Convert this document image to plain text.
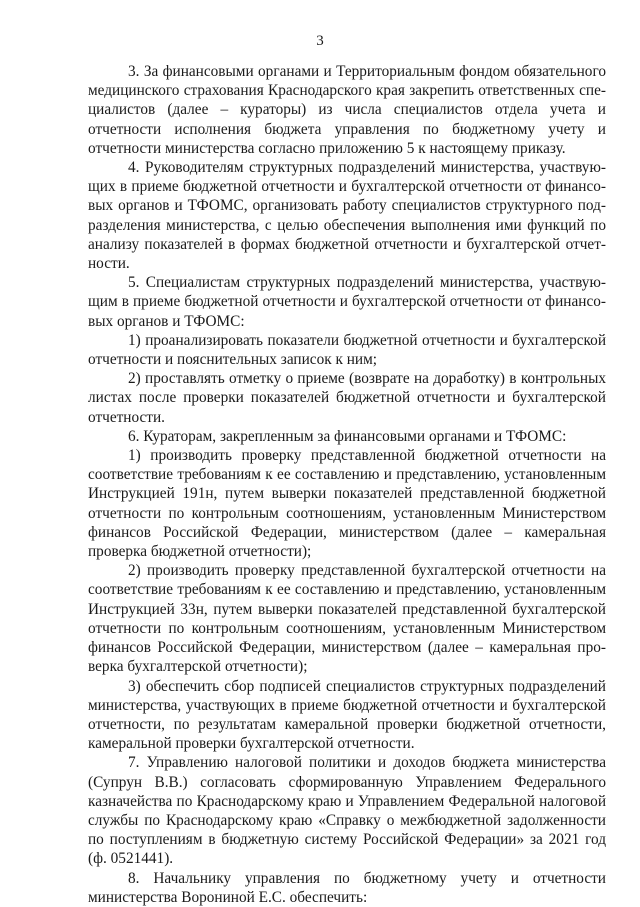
3

3. За финансовыми органами и Территориальным фондом обязательного медицинского страхования Краснодарского края закрепить ответственных специалистов (далее – кураторы) из числа специалистов отдела учета и отчетности исполнения бюджета управления по бюджетному учету и отчетности министерства согласно приложению 5 к настоящему приказу.

4. Руководителям структурных подразделений министерства, участвующих в приеме бюджетной отчетности и бухгалтерской отчетности от финансовых органов и ТФОМС, организовать работу специалистов структурного подразделения министерства, с целью обеспечения выполнения ими функций по анализу показателей в формах бюджетной отчетности и бухгалтерской отчетности.

5. Специалистам структурных подразделений министерства, участвующим в приеме бюджетной отчетности и бухгалтерской отчетности от финансовых органов и ТФОМС:

1) проанализировать показатели бюджетной отчетности и бухгалтерской отчетности и пояснительных записок к ним;

2) проставлять отметку о приеме (возврате на доработку) в контрольных листах после проверки показателей бюджетной отчетности и бухгалтерской отчетности.

6. Кураторам, закрепленным за финансовыми органами и ТФОМС:

1) производить проверку представленной бюджетной отчетности на соответствие требованиям к ее составлению и представлению, установленным Инструкцией 191н, путем выверки показателей представленной бюджетной отчетности по контрольным соотношениям, установленным Министерством финансов Российской Федерации, министерством (далее – камеральная проверка бюджетной отчетности);

2) производить проверку представленной бухгалтерской отчетности на соответствие требованиям к ее составлению и представлению, установленным Инструкцией 33н, путем выверки показателей представленной бухгалтерской отчетности по контрольным соотношениям, установленным Министерством финансов Российской Федерации, министерством (далее – камеральная проверка бухгалтерской отчетности);

3) обеспечить сбор подписей специалистов структурных подразделений министерства, участвующих в приеме бюджетной отчетности и бухгалтерской отчетности, по результатам камеральной проверки бюджетной отчетности, камеральной проверки бухгалтерской отчетности.

7. Управлению налоговой политики и доходов бюджета министерства (Супрун В.В.) согласовать сформированную Управлением Федерального казначейства по Краснодарскому краю и Управлением Федеральной налоговой службы по Краснодарскому краю «Справку о межбюджетной задолженности по поступлениям в бюджетную систему Российской Федерации» за 2021 год (ф. 0521441).

8. Начальнику управления по бюджетному учету и отчетности министерства Ворониной Е.С. обеспечить:
